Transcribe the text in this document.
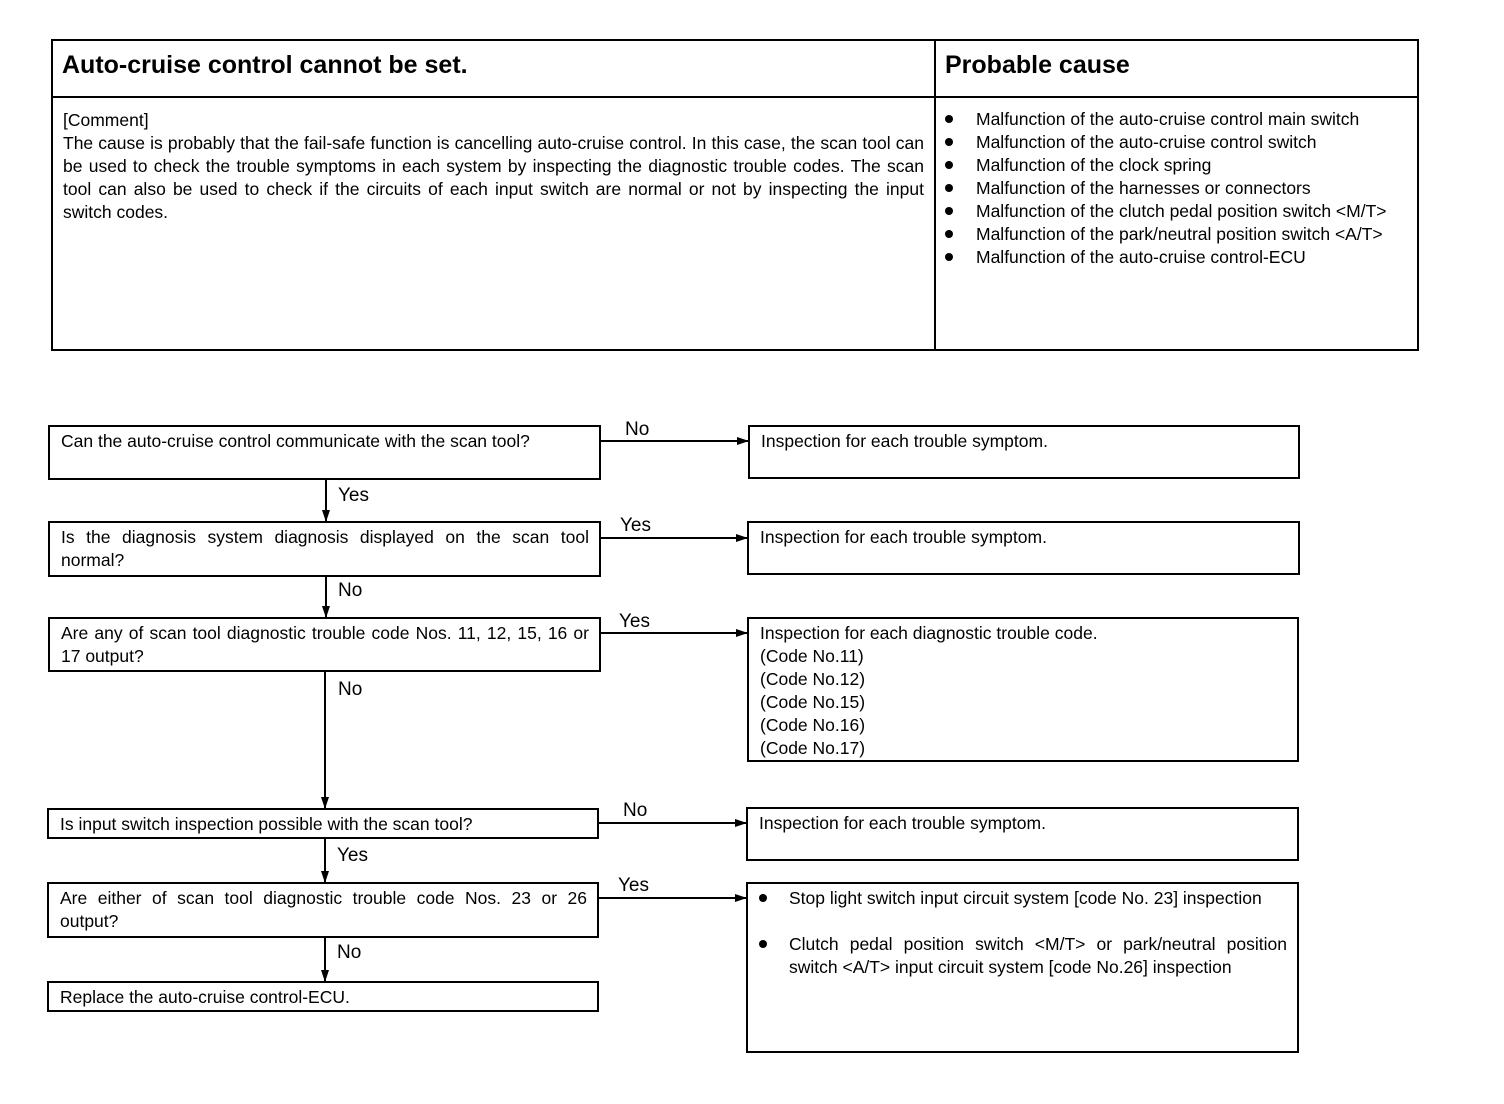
Auto-cruise control cannot be set.
[Comment]
The cause is probably that the fail-safe function is cancelling auto-cruise control. In this case, the scan tool can be used to check the trouble symptoms in each system by inspecting the diagnostic trouble codes. The scan tool can also be used to check if the circuits of each input switch are normal or not by inspecting the input switch codes.
Probable cause
Malfunction of the auto-cruise control main switch
Malfunction of the auto-cruise control switch
Malfunction of the clock spring
Malfunction of the harnesses or connectors
Malfunction of the clutch pedal position switch <M/T>
Malfunction of the park/neutral position switch <A/T>
Malfunction of the auto-cruise control-ECU
Can the auto-cruise control communicate with the scan tool?
Is the diagnosis system diagnosis displayed on the scan tool normal?
Are any of scan tool diagnostic trouble code Nos. 11, 12, 15, 16 or 17 output?
Is input switch inspection possible with the scan tool?
Are either of scan tool diagnostic trouble code Nos. 23 or 26 output?
Replace the auto-cruise control-ECU.
No
Yes
Yes
No
Yes
Yes
No
No
Yes
No
Inspection for each trouble symptom.
Inspection for each trouble symptom.
Inspection for each diagnostic trouble code.
(Code No.11)
(Code No.12)
(Code No.15)
(Code No.16)
(Code No.17)
Inspection for each trouble symptom.
Stop light switch input circuit system [code No. 23] inspection
Clutch pedal position switch <M/T> or park/neutral position switch <A/T> input circuit system [code No.26] inspection
